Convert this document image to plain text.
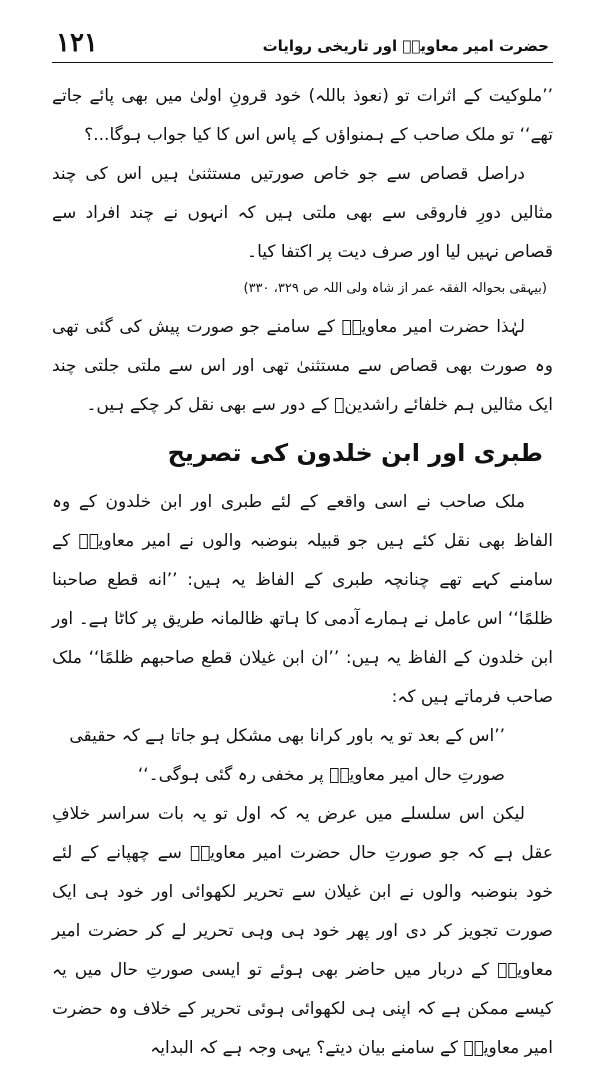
۱۲۱	حضرت امیر معاویہؓ اور تاریخی روایات

’’ملوکیت کے اثرات تو (نعوذ باللہ) خود قرونِ اولیٰ میں بھی پائے جاتے تھے‘‘ تو ملک صاحب کے ہمنواؤں کے پاس اس کا کیا جواب ہوگا...؟

دراصل قصاص سے جو خاص صورتیں مستثنیٰ ہیں اس کی چند مثالیں دورِ فاروقی سے بھی ملتی ہیں کہ انہوں نے چند افراد سے قصاص نہیں لیا اور صرف دیت پر اکتفا کیا۔

(بیہقی بحوالہ الفقہ عمر از شاہ ولی اللہ ص ۳۲۹، ۳۳۰)

لہٰذا حضرت امیر معاویہؓ کے سامنے جو صورت پیش کی گئی تھی وہ صورت بھی قصاص سے مستثنیٰ تھی اور اس سے ملتی جلتی چند ایک مثالیں ہم خلفائے راشدینؓ کے دور سے بھی نقل کر چکے ہیں۔

طبری اور ابن خلدون کی تصریح

ملک صاحب نے اسی واقعے کے لئے طبری اور ابن خلدون کے وہ الفاظ بھی نقل کئے ہیں جو قبیلہ بنوضبہ والوں نے امیر معاویہؓ کے سامنے کہے تھے چنانچہ طبری کے الفاظ یہ ہیں: ’’انه قطع صاحبنا ظلمًا‘‘ اس عامل نے ہمارے آدمی کا ہاتھ ظالمانہ طریق پر کاٹا ہے۔ اور ابن خلدون کے الفاظ یہ ہیں: ’’ان ابن غیلان قطع صاحبهم ظلمًا‘‘ ملک صاحب فرماتے ہیں کہ:

’’اس کے بعد تو یہ باور کرانا بھی مشکل ہو جاتا ہے کہ حقیقی صورتِ حال امیر معاویہؓ پر مخفی رہ گئی ہوگی۔‘‘

لیکن اس سلسلے میں عرض یہ کہ اول تو یہ بات سراسر خلافِ عقل ہے کہ جو صورتِ حال حضرت امیر معاویہؓ سے چھپانے کے لئے خود بنوضبہ والوں نے ابن غیلان سے تحریر لکھوائی اور خود ہی ایک صورت تجویز کر دی اور پھر خود ہی وہی تحریر لے کر حضرت امیر معاویہؓ کے دربار میں حاضر بھی ہوئے تو ایسی صورتِ حال میں یہ کیسے ممکن ہے کہ اپنی ہی لکھوائی ہوئی تحریر کے خلاف وہ حضرت امیر معاویہؓ کے سامنے بیان دیتے؟ یہی وجہ ہے کہ البدایہ
